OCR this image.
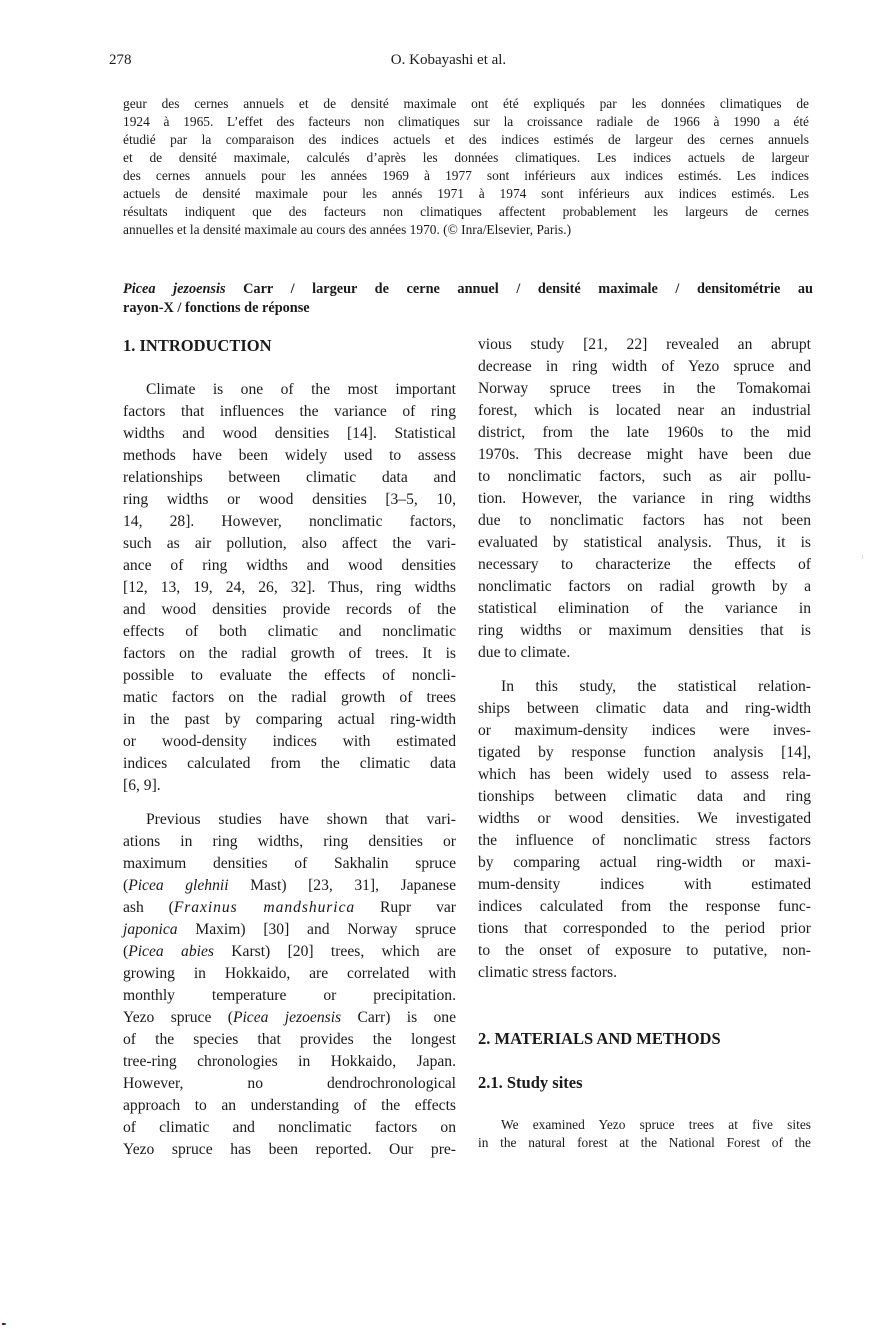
278	O. Kobayashi et al.
geur des cernes annuels et de densité maximale ont été expliqués par les données climatiques de
1924 à 1965. L’effet des facteurs non climatiques sur la croissance radiale de 1966 à 1990 a été
étudié par la comparaison des indices actuels et des indices estimés de largeur des cernes annuels
et de densité maximale, calculés d’après les données climatiques. Les indices actuels de largeur
des cernes annuels pour les années 1969 à 1977 sont inférieurs aux indices estimés. Les indices
actuels de densité maximale pour les annés 1971 à 1974 sont inférieurs aux indices estimés. Les
résultats indiquent que des facteurs non climatiques affectent probablement les largeurs de cernes
annuelles et la densité maximale au cours des années 1970. (© Inra/Elsevier, Paris.)
Picea jezoensis Carr / largeur de cerne annuel / densité maximale / densitométrie au
rayon-X / fonctions de réponse
1. INTRODUCTION
Climate is one of the most important
factors that influences the variance of ring
widths and wood densities [14]. Statistical
methods have been widely used to assess
relationships between climatic data and
ring widths or wood densities [3–5, 10,
14, 28]. However, nonclimatic factors,
such as air pollution, also affect the vari-
ance of ring widths and wood densities
[12, 13, 19, 24, 26, 32]. Thus, ring widths
and wood densities provide records of the
effects of both climatic and nonclimatic
factors on the radial growth of trees. It is
possible to evaluate the effects of noncli-
matic factors on the radial growth of trees
in the past by comparing actual ring-width
or wood-density indices with estimated
indices calculated from the climatic data
[6, 9].
Previous studies have shown that vari-
ations in ring widths, ring densities or
maximum densities of Sakhalin spruce
(Picea glehnii Mast) [23, 31], Japanese
ash (Fraxinus mandshurica Rupr var
japonica Maxim) [30] and Norway spruce
(Picea abies Karst) [20] trees, which are
growing in Hokkaido, are correlated with
monthly temperature or precipitation.
Yezo spruce (Picea jezoensis Carr) is one
of the species that provides the longest
tree-ring chronologies in Hokkaido, Japan.
However, no dendrochronological
approach to an understanding of the effects
of climatic and nonclimatic factors on
Yezo spruce has been reported. Our pre-
vious study [21, 22] revealed an abrupt
decrease in ring width of Yezo spruce and
Norway spruce trees in the Tomakomai
forest, which is located near an industrial
district, from the late 1960s to the mid
1970s. This decrease might have been due
to nonclimatic factors, such as air pollu-
tion. However, the variance in ring widths
due to nonclimatic factors has not been
evaluated by statistical analysis. Thus, it is
necessary to characterize the effects of
nonclimatic factors on radial growth by a
statistical elimination of the variance in
ring widths or maximum densities that is
due to climate.
In this study, the statistical relation-
ships between climatic data and ring-width
or maximum-density indices were inves-
tigated by response function analysis [14],
which has been widely used to assess rela-
tionships between climatic data and ring
widths or wood densities. We investigated
the influence of nonclimatic stress factors
by comparing actual ring-width or maxi-
mum-density indices with estimated
indices calculated from the response func-
tions that corresponded to the period prior
to the onset of exposure to putative, non-
climatic stress factors.
2. MATERIALS AND METHODS
2.1. Study sites
We examined Yezo spruce trees at five sites
in the natural forest at the National Forest of the
